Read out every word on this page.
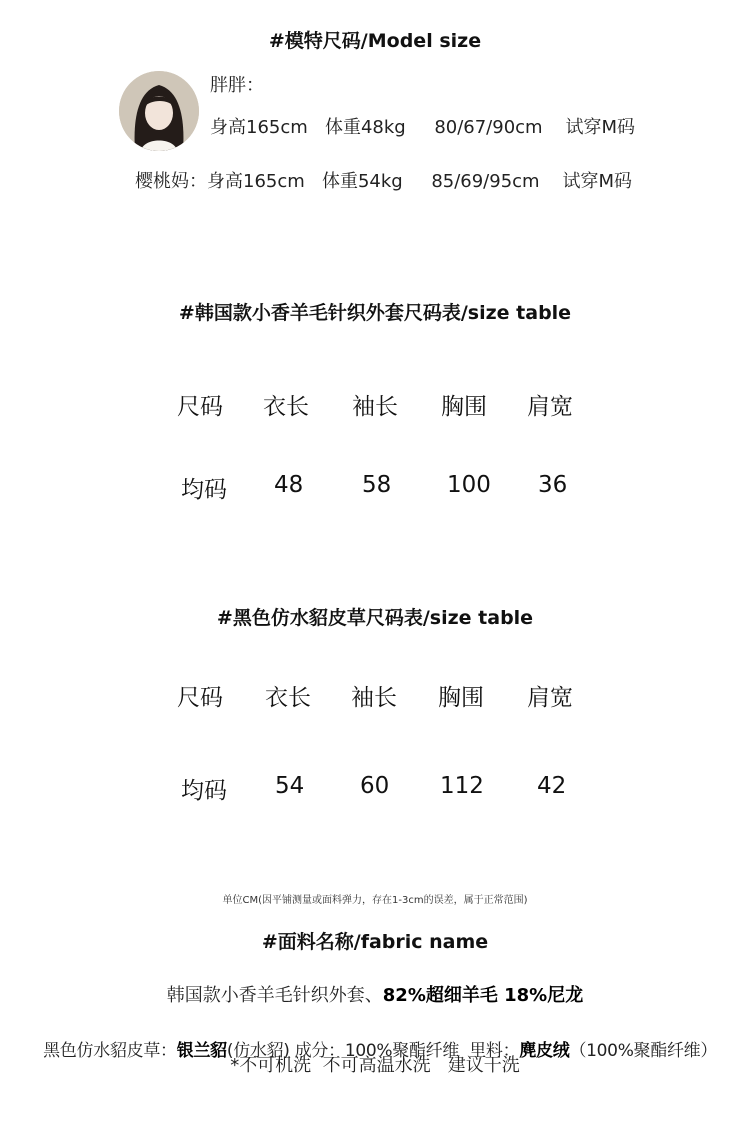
#模特尺码/Model size
胖胖：
身高165cm   体重48kg     80/67/90cm    试穿M码
樱桃妈：身高165cm   体重54kg     85/69/95cm    试穿M码
#韩国款小香羊毛针织外套尺码表/size table
尺码 衣长 袖长 胸围 肩宽
均码 48	58 100 36
#黑色仿水貂皮草尺码表/size table
尺码 衣长 袖长 胸围 肩宽
均码 54 60 112 42
单位CM(因平铺测量或面料弹力，存在1-3cm的误差，属于正常范围)
#面料名称/fabric name
韩国款小香羊毛针织外套、82%超细羊毛 18%尼龙

黑色仿水貂皮草：银兰貂(仿水貂) 成分：100%聚酯纤维  里料：麂皮绒（100%聚酯纤维）

*不可机洗  不可高温水洗   建议干洗
